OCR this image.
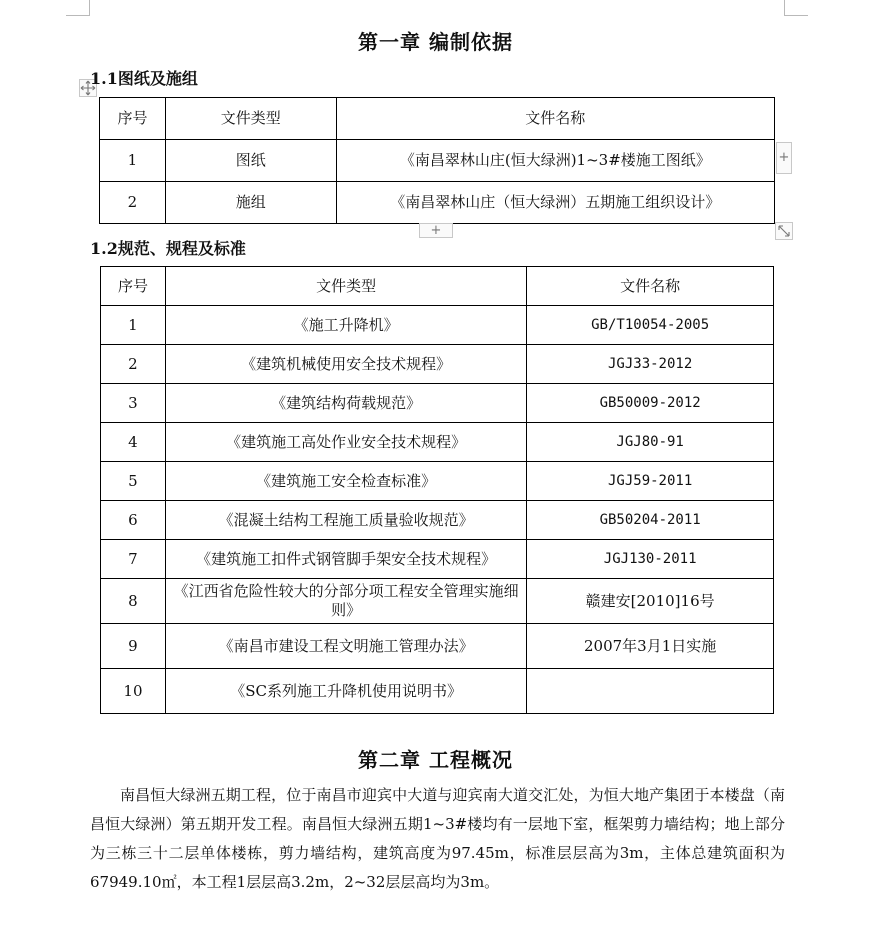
第一章 编制依据
1.1图纸及施组
序号	文件类型	文件名称
1	图纸	《南昌翠林山庄(恒大绿洲)1~3#楼施工图纸》
2	施组	《南昌翠林山庄（恒大绿洲）五期施工组织设计》
+
+
1.2规范、规程及标准
序号	文件类型	文件名称
1	《施工升降机》	GB/T10054-2005
2	《建筑机械使用安全技术规程》	JGJ33-2012
3	《建筑结构荷载规范》	GB50009-2012
4	《建筑施工高处作业安全技术规程》	JGJ80-91
5	《建筑施工安全检查标准》	JGJ59-2011
6	《混凝土结构工程施工质量验收规范》	GB50204-2011
7	《建筑施工扣件式钢管脚手架安全技术规程》	JGJ130-2011
8	《江西省危险性较大的分部分项工程安全管理实施细则》	赣建安[2010]16号
9	《南昌市建设工程文明施工管理办法》	2007年3月1日实施
10	《SC系列施工升降机使用说明书》	
第二章 工程概况
南昌恒大绿洲五期工程，位于南昌市迎宾中大道与迎宾南大道交汇处，为恒大地产集团于本楼盘（南昌恒大绿洲）第五期开发工程。南昌恒大绿洲五期1~3#楼均有一层地下室，框架剪力墙结构；地上部分为三栋三十二层单体楼栋，剪力墙结构，建筑高度为97.45m，标准层层高为3m，主体总建筑面积为67949.10㎡，本工程1层层高3.2m，2~32层层高均为3m。
